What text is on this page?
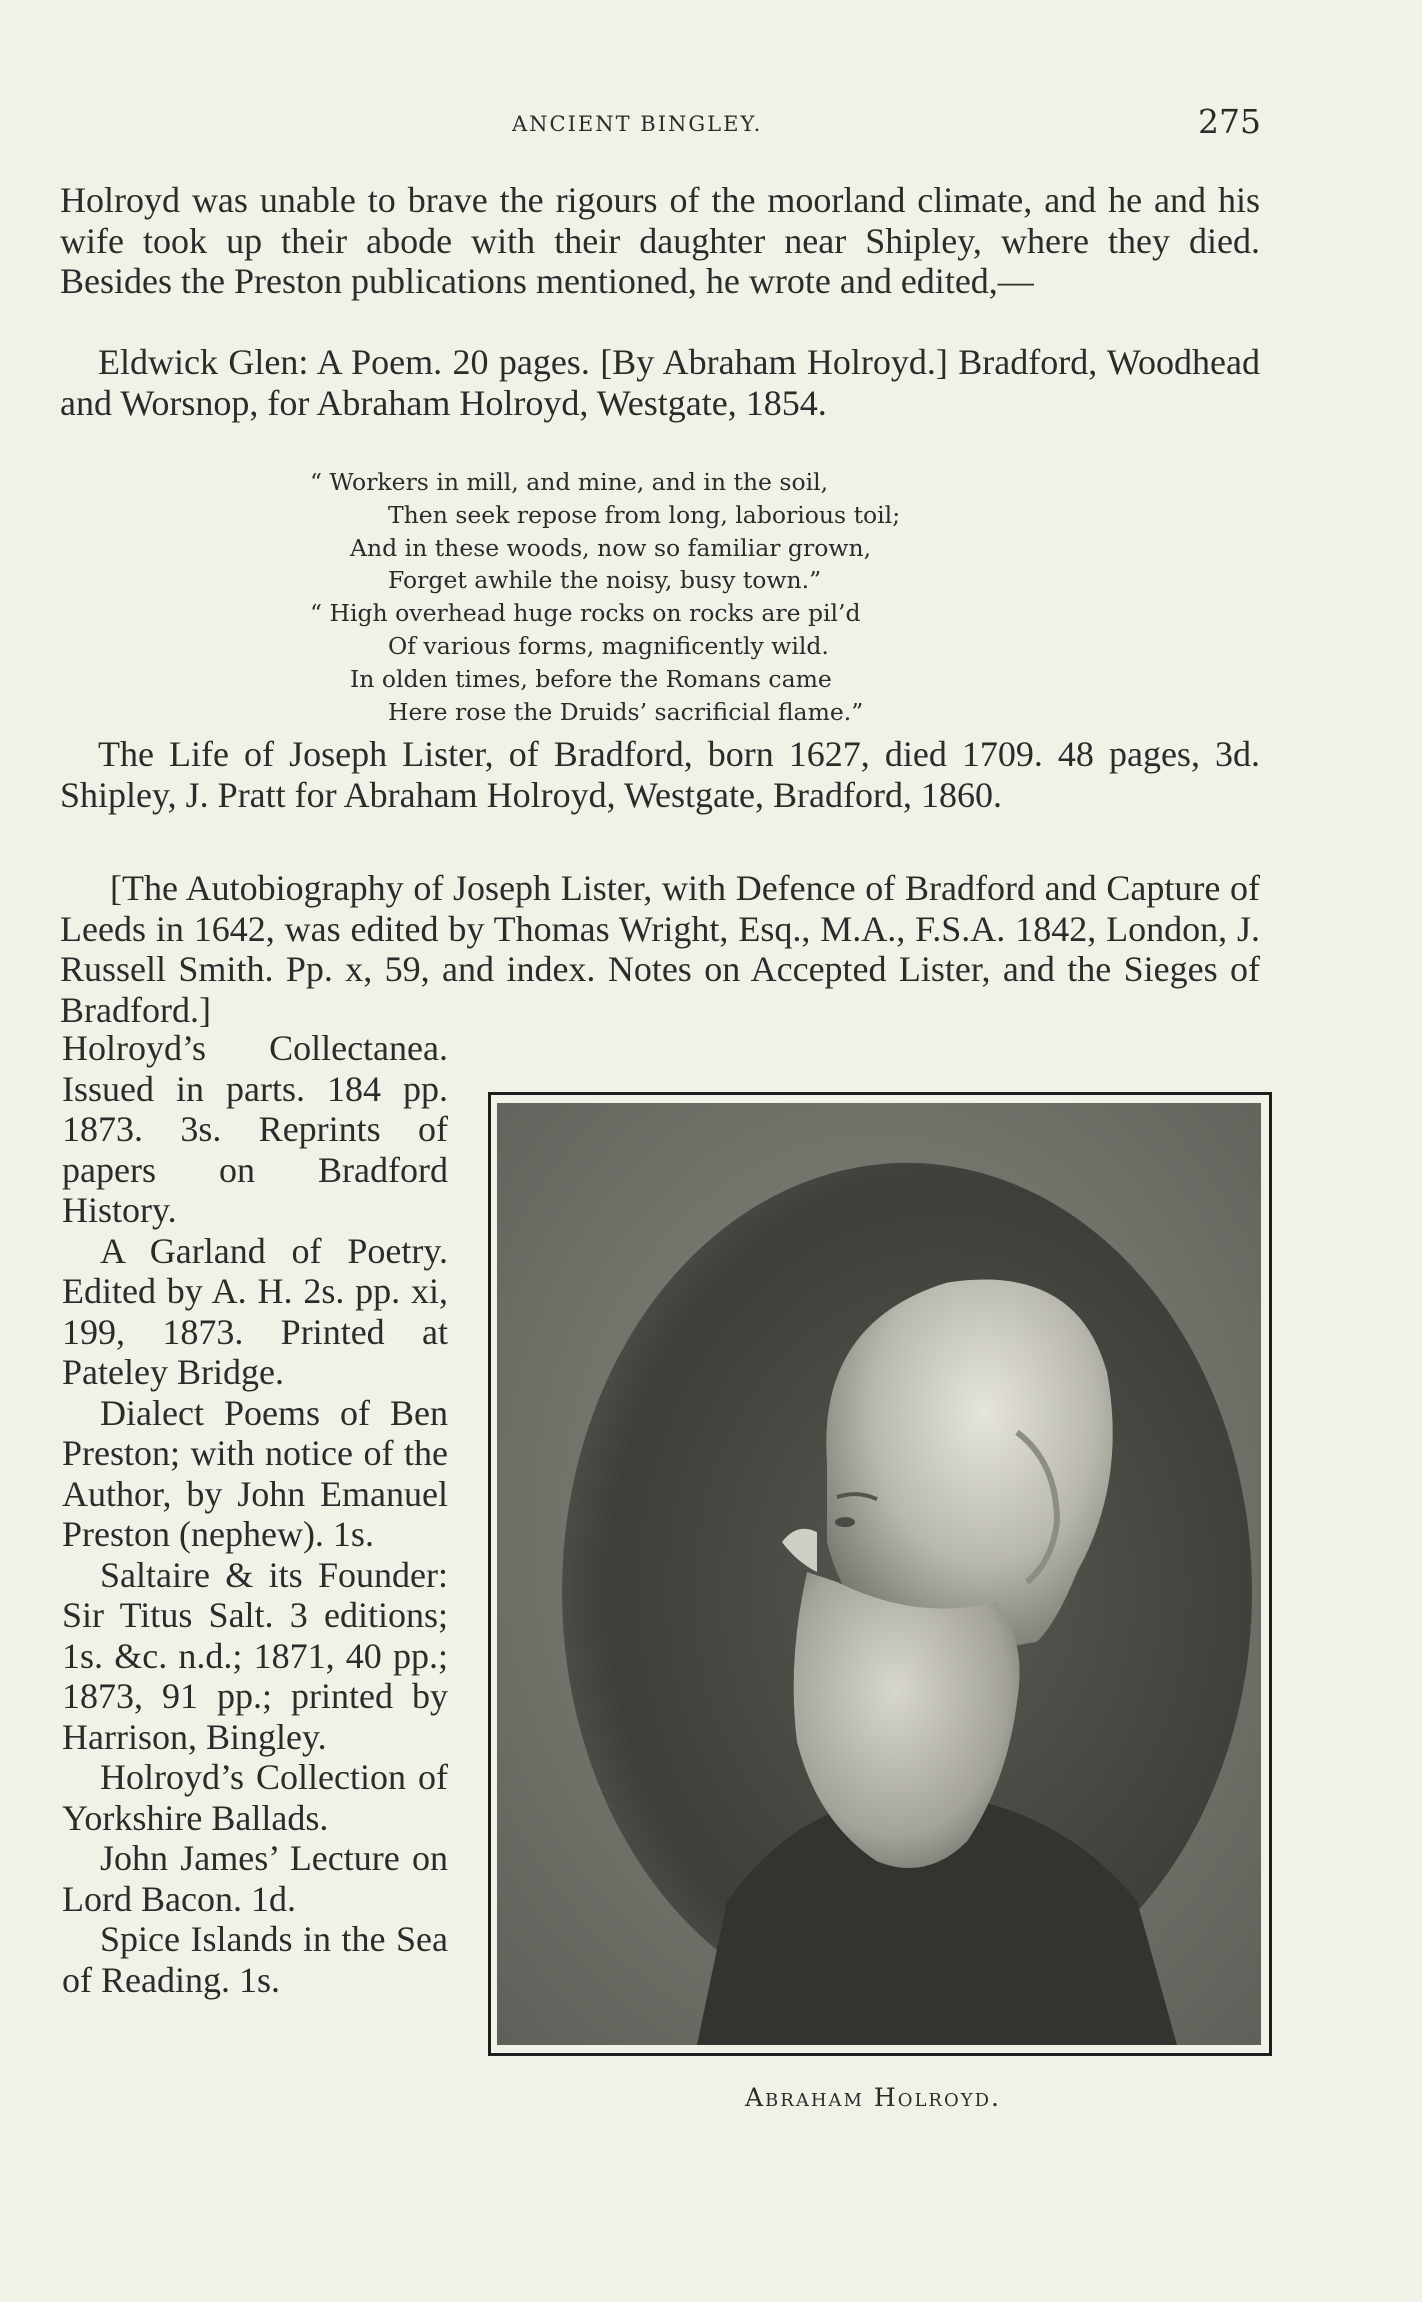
ANCIENT BINGLEY.	275
Holroyd was unable to brave the rigours of the moorland climate, and he and his wife took up their abode with their daughter near Shipley, where they died. Besides the Preston publications mentioned, he wrote and edited,—
Eldwick Glen: A Poem. 20 pages. [By Abraham Holroyd.] Bradford, Woodhead and Worsnop, for Abraham Holroyd, Westgate, 1854.
“ Workers in mill, and mine, and in the soil,
Then seek repose from long, laborious toil;
And in these woods, now so familiar grown,
Forget awhile the noisy, busy town.”
“ High overhead huge rocks on rocks are pil’d
Of various forms, magnificently wild.
In olden times, before the Romans came
Here rose the Druids’ sacrificial flame.”
The Life of Joseph Lister, of Bradford, born 1627, died 1709. 48 pages, 3d. Shipley, J. Pratt for Abraham Holroyd, Westgate, Bradford, 1860.
[The Autobiography of Joseph Lister, with Defence of Bradford and Capture of Leeds in 1642, was edited by Thomas Wright, Esq., M.A., F.S.A. 1842, London, J. Russell Smith. Pp. x, 59, and index. Notes on Accepted Lister, and the Sieges of Bradford.]

Holroyd’s Collectanea. Issued in parts. 184 pp. 1873. 3s. Reprints of papers on Bradford History.

A Garland of Poetry. Edited by A. H. 2s. pp. xi, 199, 1873. Printed at Pateley Bridge.

Dialect Poems of Ben Preston; with notice of the Author, by John Emanuel Preston (nephew). 1s.

Saltaire & its Founder: Sir Titus Salt. 3 editions; 1s. &c. n.d.; 1871, 40 pp.; 1873, 91 pp.; printed by Harrison, Bingley.

Holroyd’s Collection of Yorkshire Ballads.

John James’ Lecture on Lord Bacon. 1d.

Spice Islands in the Sea of Reading. 1s.

Abraham Holroyd.
